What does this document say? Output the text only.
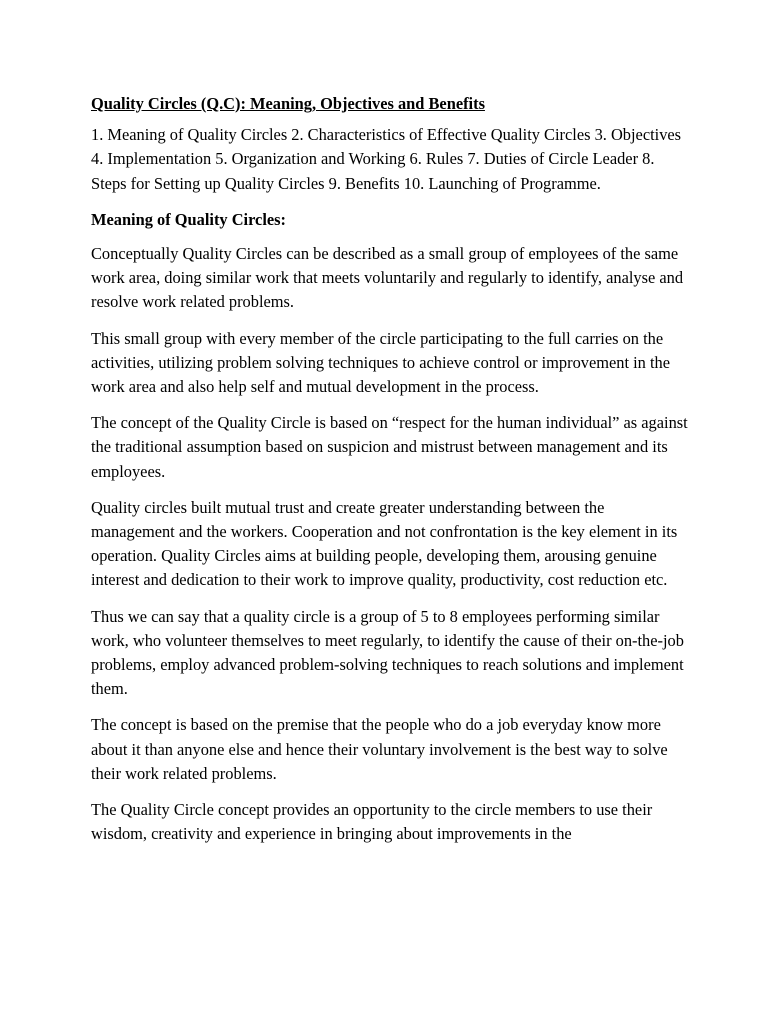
Quality Circles (Q.C): Meaning, Objectives and Benefits

1. Meaning of Quality Circles 2. Characteristics of Effective Quality Circles 3. Objectives 4. Implementation 5. Organization and Working 6. Rules 7. Duties of Circle Leader 8. Steps for Setting up Quality Circles 9. Benefits 10. Launching of Programme.

Meaning of Quality Circles:

Conceptually Quality Circles can be described as a small group of employees of the same work area, doing similar work that meets voluntarily and regularly to identify, analyse and resolve work related problems.

This small group with every member of the circle participating to the full carries on the activities, utilizing problem solving techniques to achieve control or improvement in the work area and also help self and mutual development in the process.

The concept of the Quality Circle is based on “respect for the human individual” as against the traditional assumption based on suspicion and mistrust between management and its employees.

Quality circles built mutual trust and create greater understanding between the management and the workers. Cooperation and not confrontation is the key element in its operation. Quality Circles aims at building people, developing them, arousing genuine interest and dedication to their work to improve quality, productivity, cost reduction etc.

Thus we can say that a quality circle is a group of 5 to 8 employees performing similar work, who volunteer themselves to meet regularly, to identify the cause of their on-the-job problems, employ advanced problem-solving techniques to reach solutions and implement them.

The concept is based on the premise that the people who do a job everyday know more about it than anyone else and hence their voluntary involvement is the best way to solve their work related problems.

The Quality Circle concept provides an opportunity to the circle members to use their wisdom, creativity and experience in bringing about improvements in the
